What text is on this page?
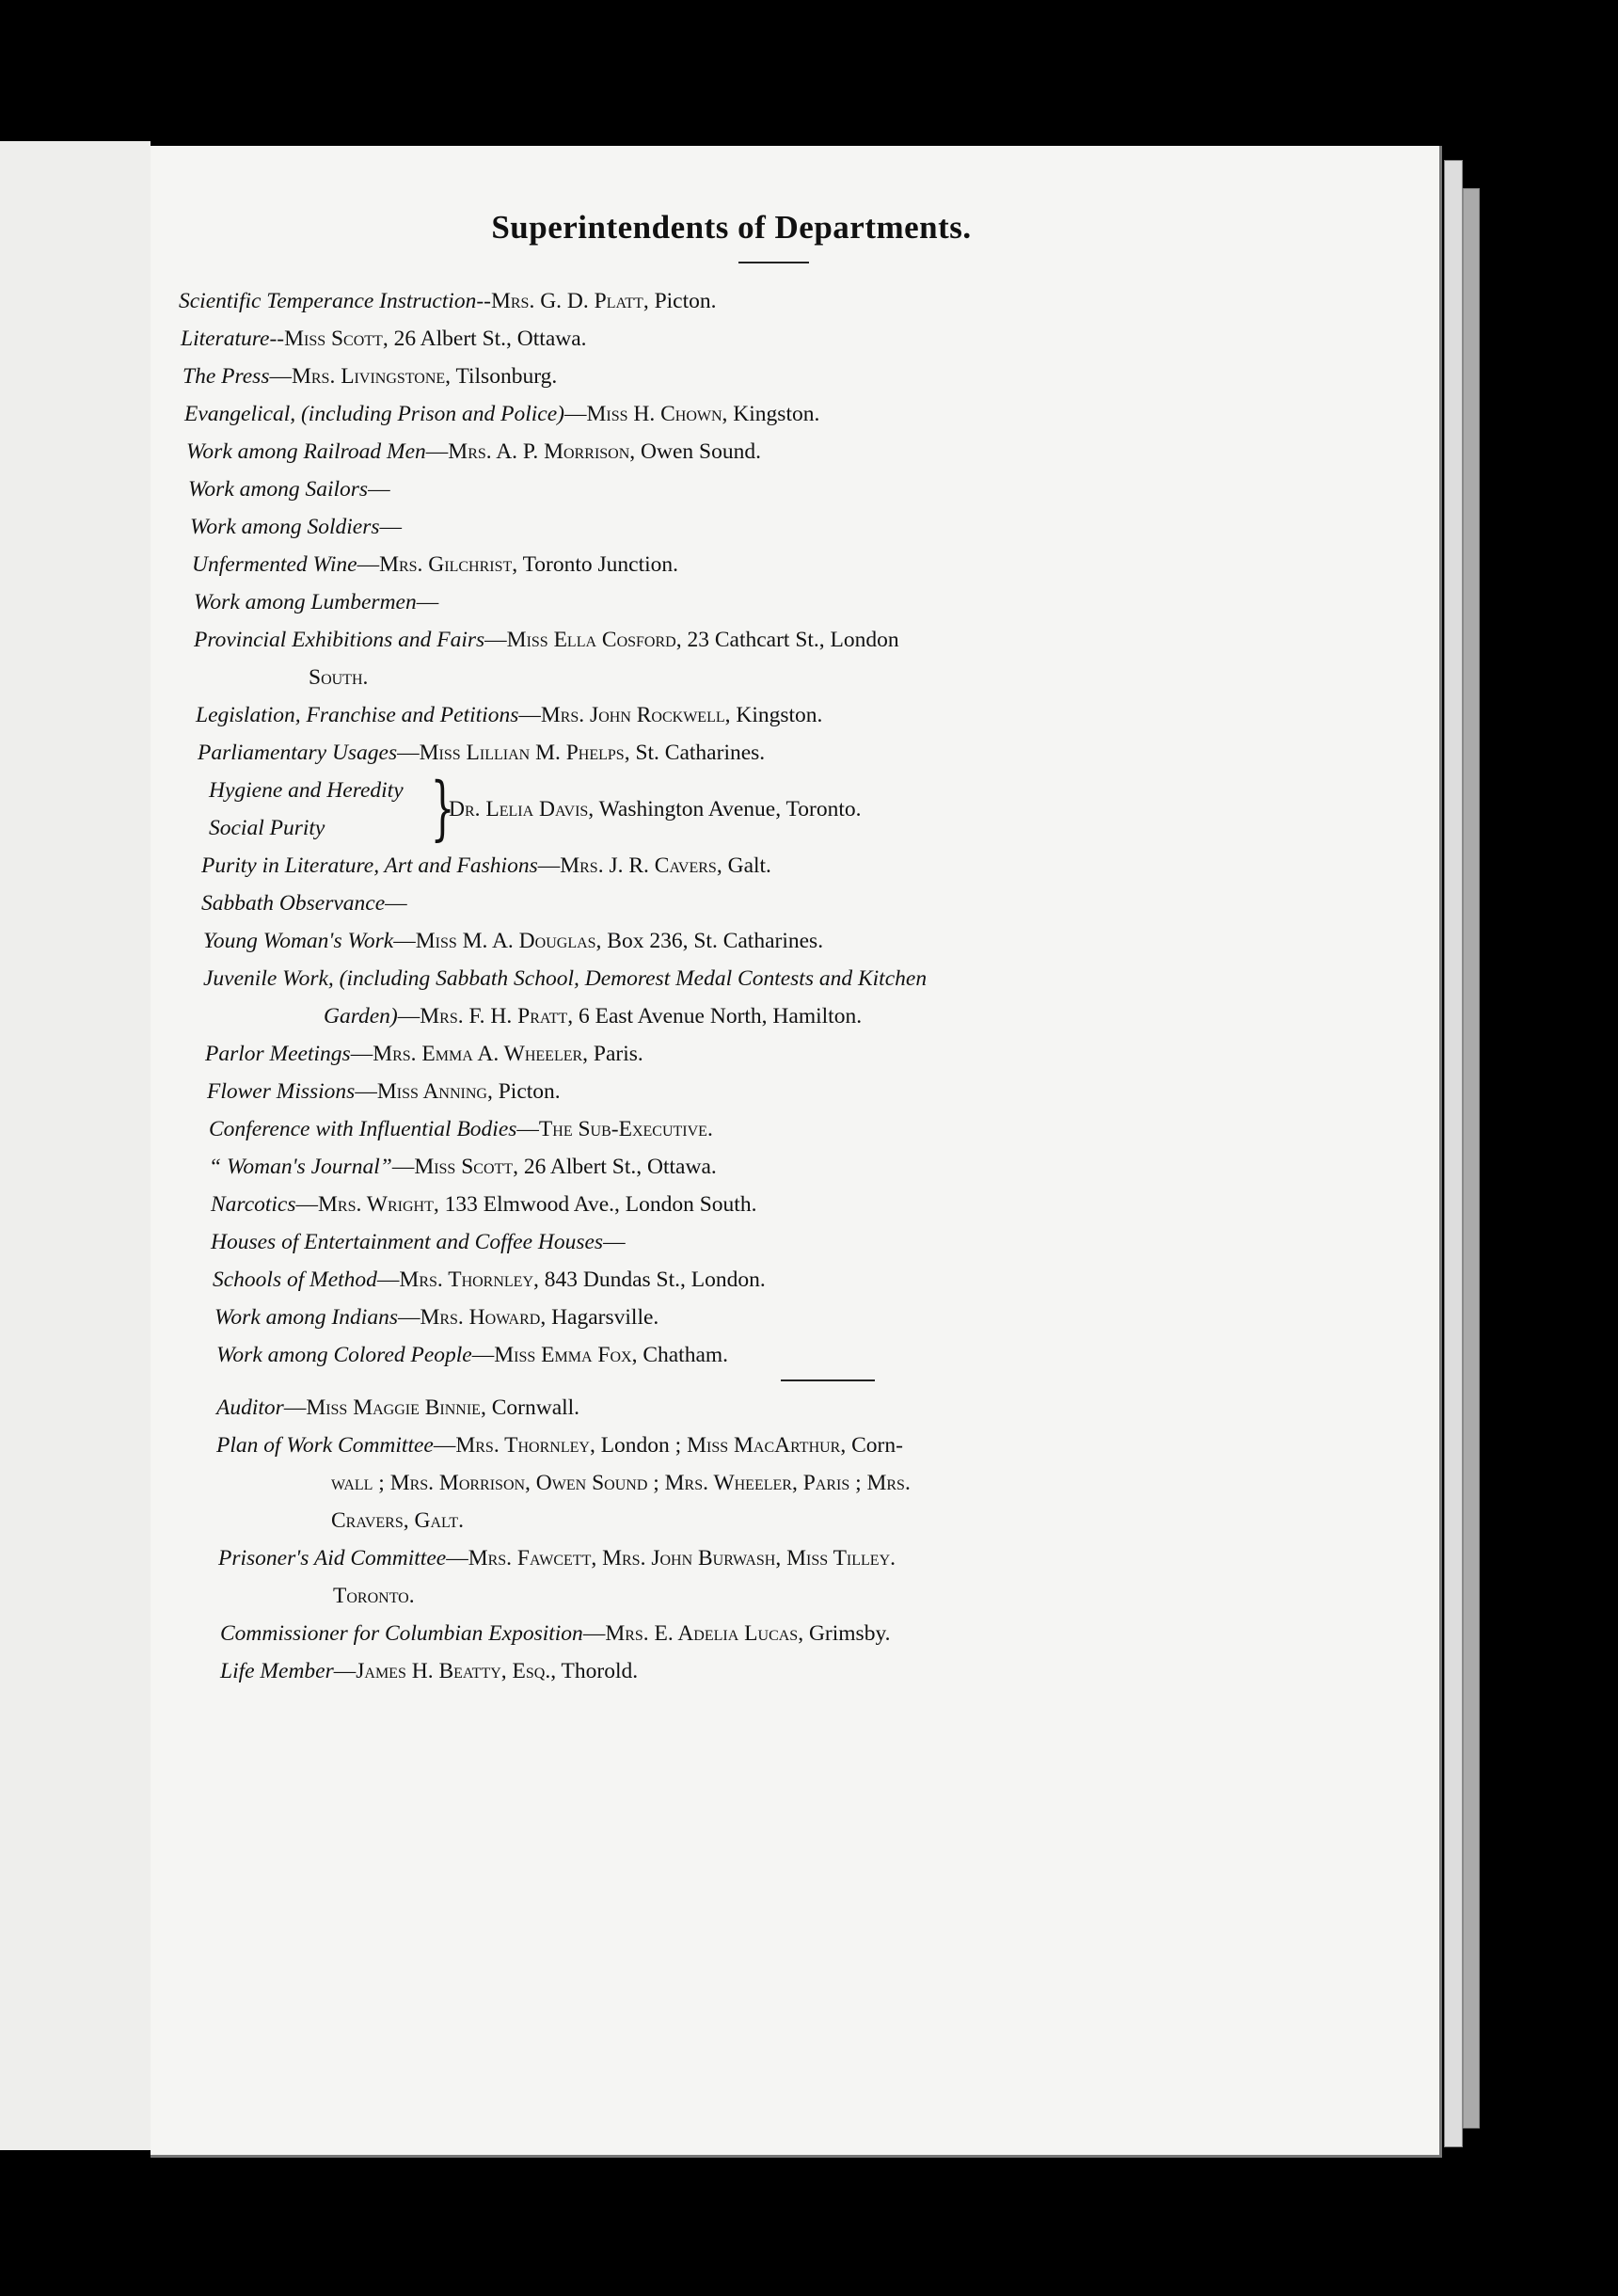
Superintendents of Departments.
Scientific Temperance Instruction--Mrs. G. D. Platt, Picton.
Literature--Miss Scott, 26 Albert St., Ottawa.
The Press—Mrs. Livingstone, Tilsonburg.
Evangelical, (including Prison and Police)—Miss H. Chown, Kingston.
Work among Railroad Men—Mrs. A. P. Morrison, Owen Sound.
Work among Sailors—
Work among Soldiers—
Unfermented Wine—Mrs. Gilchrist, Toronto Junction.
Work among Lumbermen—
Provincial Exhibitions and Fairs—Miss Ella Cosford, 23 Cathcart St., London
South.
Legislation, Franchise and Petitions—Mrs. John Rockwell, Kingston.
Parliamentary Usages—Miss Lillian M. Phelps, St. Catharines.
Hygiene and Heredity
Social Purity }
Dr. Lelia Davis, Washington Avenue, Toronto.
Purity in Literature, Art and Fashions—Mrs. J. R. Cavers, Galt.
Sabbath Observance—
Young Woman's Work—Miss M. A. Douglas, Box 236, St. Catharines.
Juvenile Work, (including Sabbath School, Demorest Medal Contests and Kitchen
Garden)—Mrs. F. H. Pratt, 6 East Avenue North, Hamilton.
Parlor Meetings—Mrs. Emma A. Wheeler, Paris.
Flower Missions—Miss Anning, Picton.
Conference with Influential Bodies—The Sub-Executive.
“ Woman's Journal”—Miss Scott, 26 Albert St., Ottawa.
Narcotics—Mrs. Wright, 133 Elmwood Ave., London South.
Houses of Entertainment and Coffee Houses—
Schools of Method—Mrs. Thornley, 843 Dundas St., London.
Work among Indians—Mrs. Howard, Hagarsville.
Work among Colored People—Miss Emma Fox, Chatham.
Auditor—Miss Maggie Binnie, Cornwall.
Plan of Work Committee—Mrs. Thornley, London ; Miss MacArthur, Corn-
wall ; Mrs. Morrison, Owen Sound ; Mrs. Wheeler, Paris ; Mrs.
Cravers, Galt.
Prisoner's Aid Committee—Mrs. Fawcett, Mrs. John Burwash, Miss Tilley.
Toronto.
Commissioner for Columbian Exposition—Mrs. E. Adelia Lucas, Grimsby.
Life Member—James H. Beatty, Esq., Thorold.
